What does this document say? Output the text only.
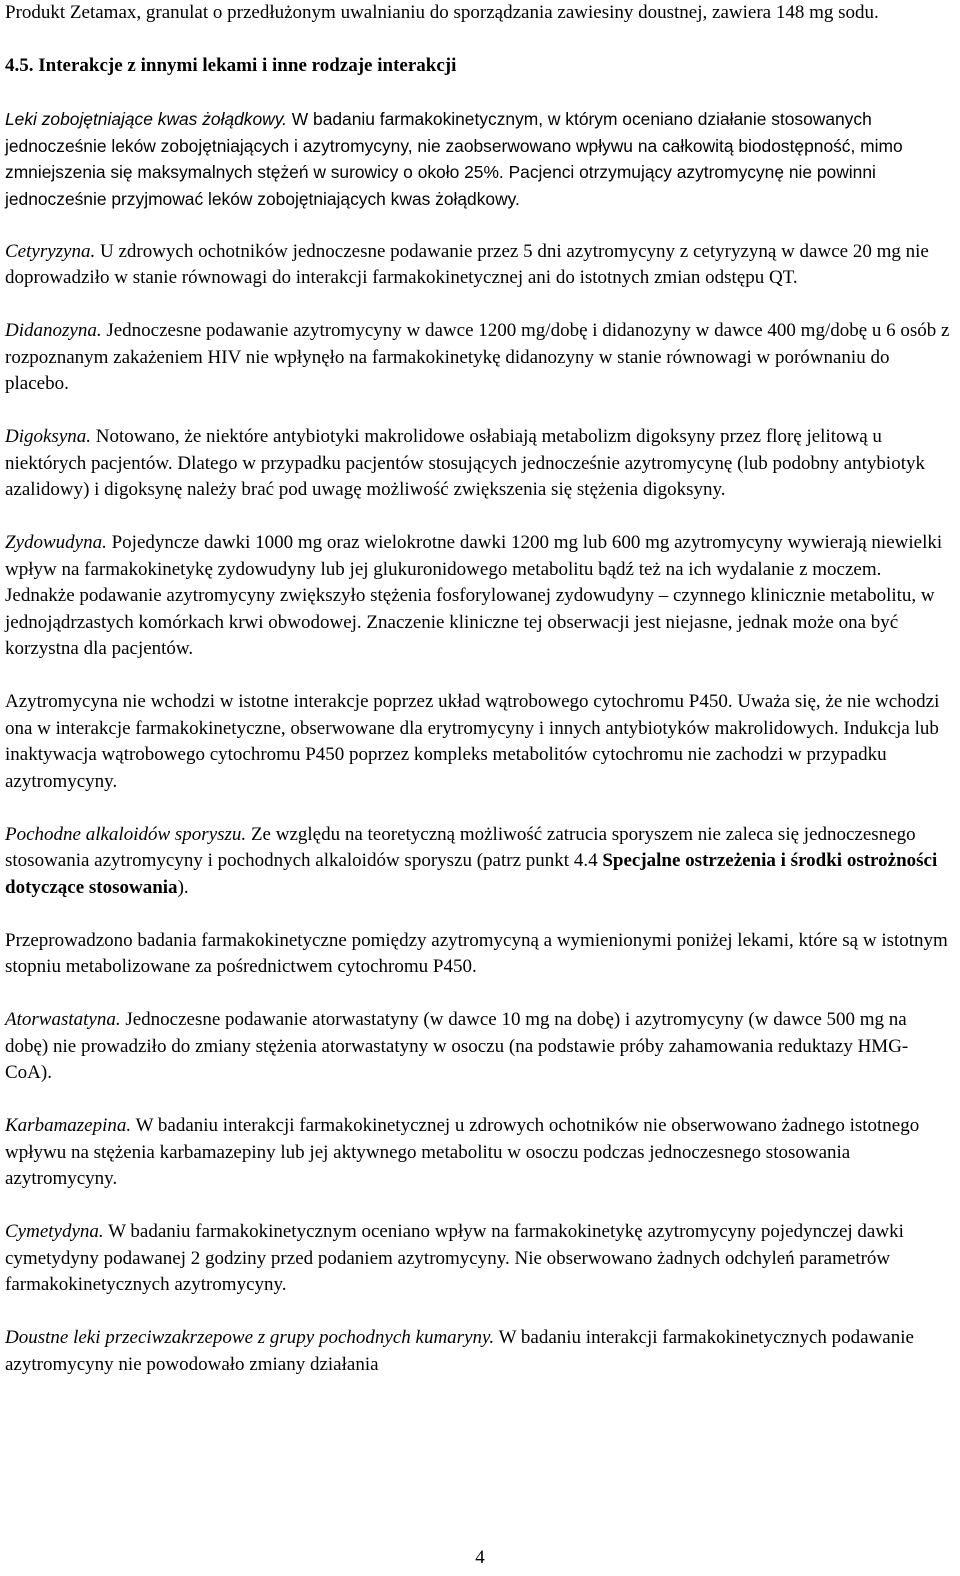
Produkt Zetamax, granulat o przedłużonym uwalnianiu do sporządzania zawiesiny doustnej, zawiera 148 mg sodu.

4.5. Interakcje z innymi lekami i inne rodzaje interakcji

Leki zobojętniające kwas żołądkowy. W badaniu farmakokinetycznym, w którym oceniano działanie stosowanych jednocześnie leków zobojętniających i azytromycyny, nie zaobserwowano wpływu na całkowitą biodostępność, mimo zmniejszenia się maksymalnych stężeń w surowicy o około 25%. Pacjenci otrzymujący azytromycynę nie powinni jednocześnie przyjmować leków zobojętniających kwas żołądkowy.

Cetyryzyna. U zdrowych ochotników jednoczesne podawanie przez 5 dni azytromycyny z cetyryzyną w dawce 20 mg nie doprowadziło w stanie równowagi do interakcji farmakokinetycznej ani do istotnych zmian odstępu QT.

Didanozyna. Jednoczesne podawanie azytromycyny w dawce 1200 mg/dobę i didanozyny w dawce 400 mg/dobę u 6 osób z rozpoznanym zakażeniem HIV nie wpłynęło na farmakokinetykę didanozyny w stanie równowagi w porównaniu do placebo.

Digoksyna. Notowano, że niektóre antybiotyki makrolidowe osłabiają metabolizm digoksyny przez florę jelitową u niektórych pacjentów. Dlatego w przypadku pacjentów stosujących jednocześnie azytromycynę (lub podobny antybiotyk azalidowy) i digoksynę należy brać pod uwagę możliwość zwiększenia się stężenia digoksyny.

Zydowudyna. Pojedyncze dawki 1000 mg oraz wielokrotne dawki 1200 mg lub 600 mg azytromycyny wywierają niewielki wpływ na farmakokinetykę zydowudyny lub jej glukuronidowego metabolitu bądź też na ich wydalanie z moczem. Jednakże podawanie azytromycyny zwiększyło stężenia fosforylowanej zydowudyny – czynnego klinicznie metabolitu, w jednojądrzastych komórkach krwi obwodowej. Znaczenie kliniczne tej obserwacji jest niejasne, jednak może ona być korzystna dla pacjentów.

Azytromycyna nie wchodzi w istotne interakcje poprzez układ wątrobowego cytochromu P450. Uważa się, że nie wchodzi ona w interakcje farmakokinetyczne, obserwowane dla erytromycyny i innych antybiotyków makrolidowych. Indukcja lub inaktywacja wątrobowego cytochromu P450 poprzez kompleks metabolitów cytochromu nie zachodzi w przypadku azytromycyny.

Pochodne alkaloidów sporyszu. Ze względu na teoretyczną możliwość zatrucia sporyszem nie zaleca się jednoczesnego stosowania azytromycyny i pochodnych alkaloidów sporyszu (patrz punkt 4.4 Specjalne ostrzeżenia i środki ostrożności dotyczące stosowania).

Przeprowadzono badania farmakokinetyczne pomiędzy azytromycyną a wymienionymi poniżej lekami, które są w istotnym stopniu metabolizowane za pośrednictwem cytochromu P450.

Atorwastatyna. Jednoczesne podawanie atorwastatyny (w dawce 10 mg na dobę) i azytromycyny (w dawce 500 mg na dobę) nie prowadziło do zmiany stężenia atorwastatyny w osoczu (na podstawie próby zahamowania reduktazy HMG-CoA).

Karbamazepina. W badaniu interakcji farmakokinetycznej u zdrowych ochotników nie obserwowano żadnego istotnego wpływu na stężenia karbamazepiny lub jej aktywnego metabolitu w osoczu podczas jednoczesnego stosowania azytromycyny.

Cymetydyna. W badaniu farmakokinetycznym oceniano wpływ na farmakokinetykę azytromycyny pojedynczej dawki cymetydyny podawanej 2 godziny przed podaniem azytromycyny. Nie obserwowano żadnych odchyleń parametrów farmakokinetycznych azytromycyny.

Doustne leki przeciwzakrzepowe z grupy pochodnych kumaryny. W badaniu interakcji farmakokinetycznych podawanie azytromycyny nie powodowało zmiany działania

4
